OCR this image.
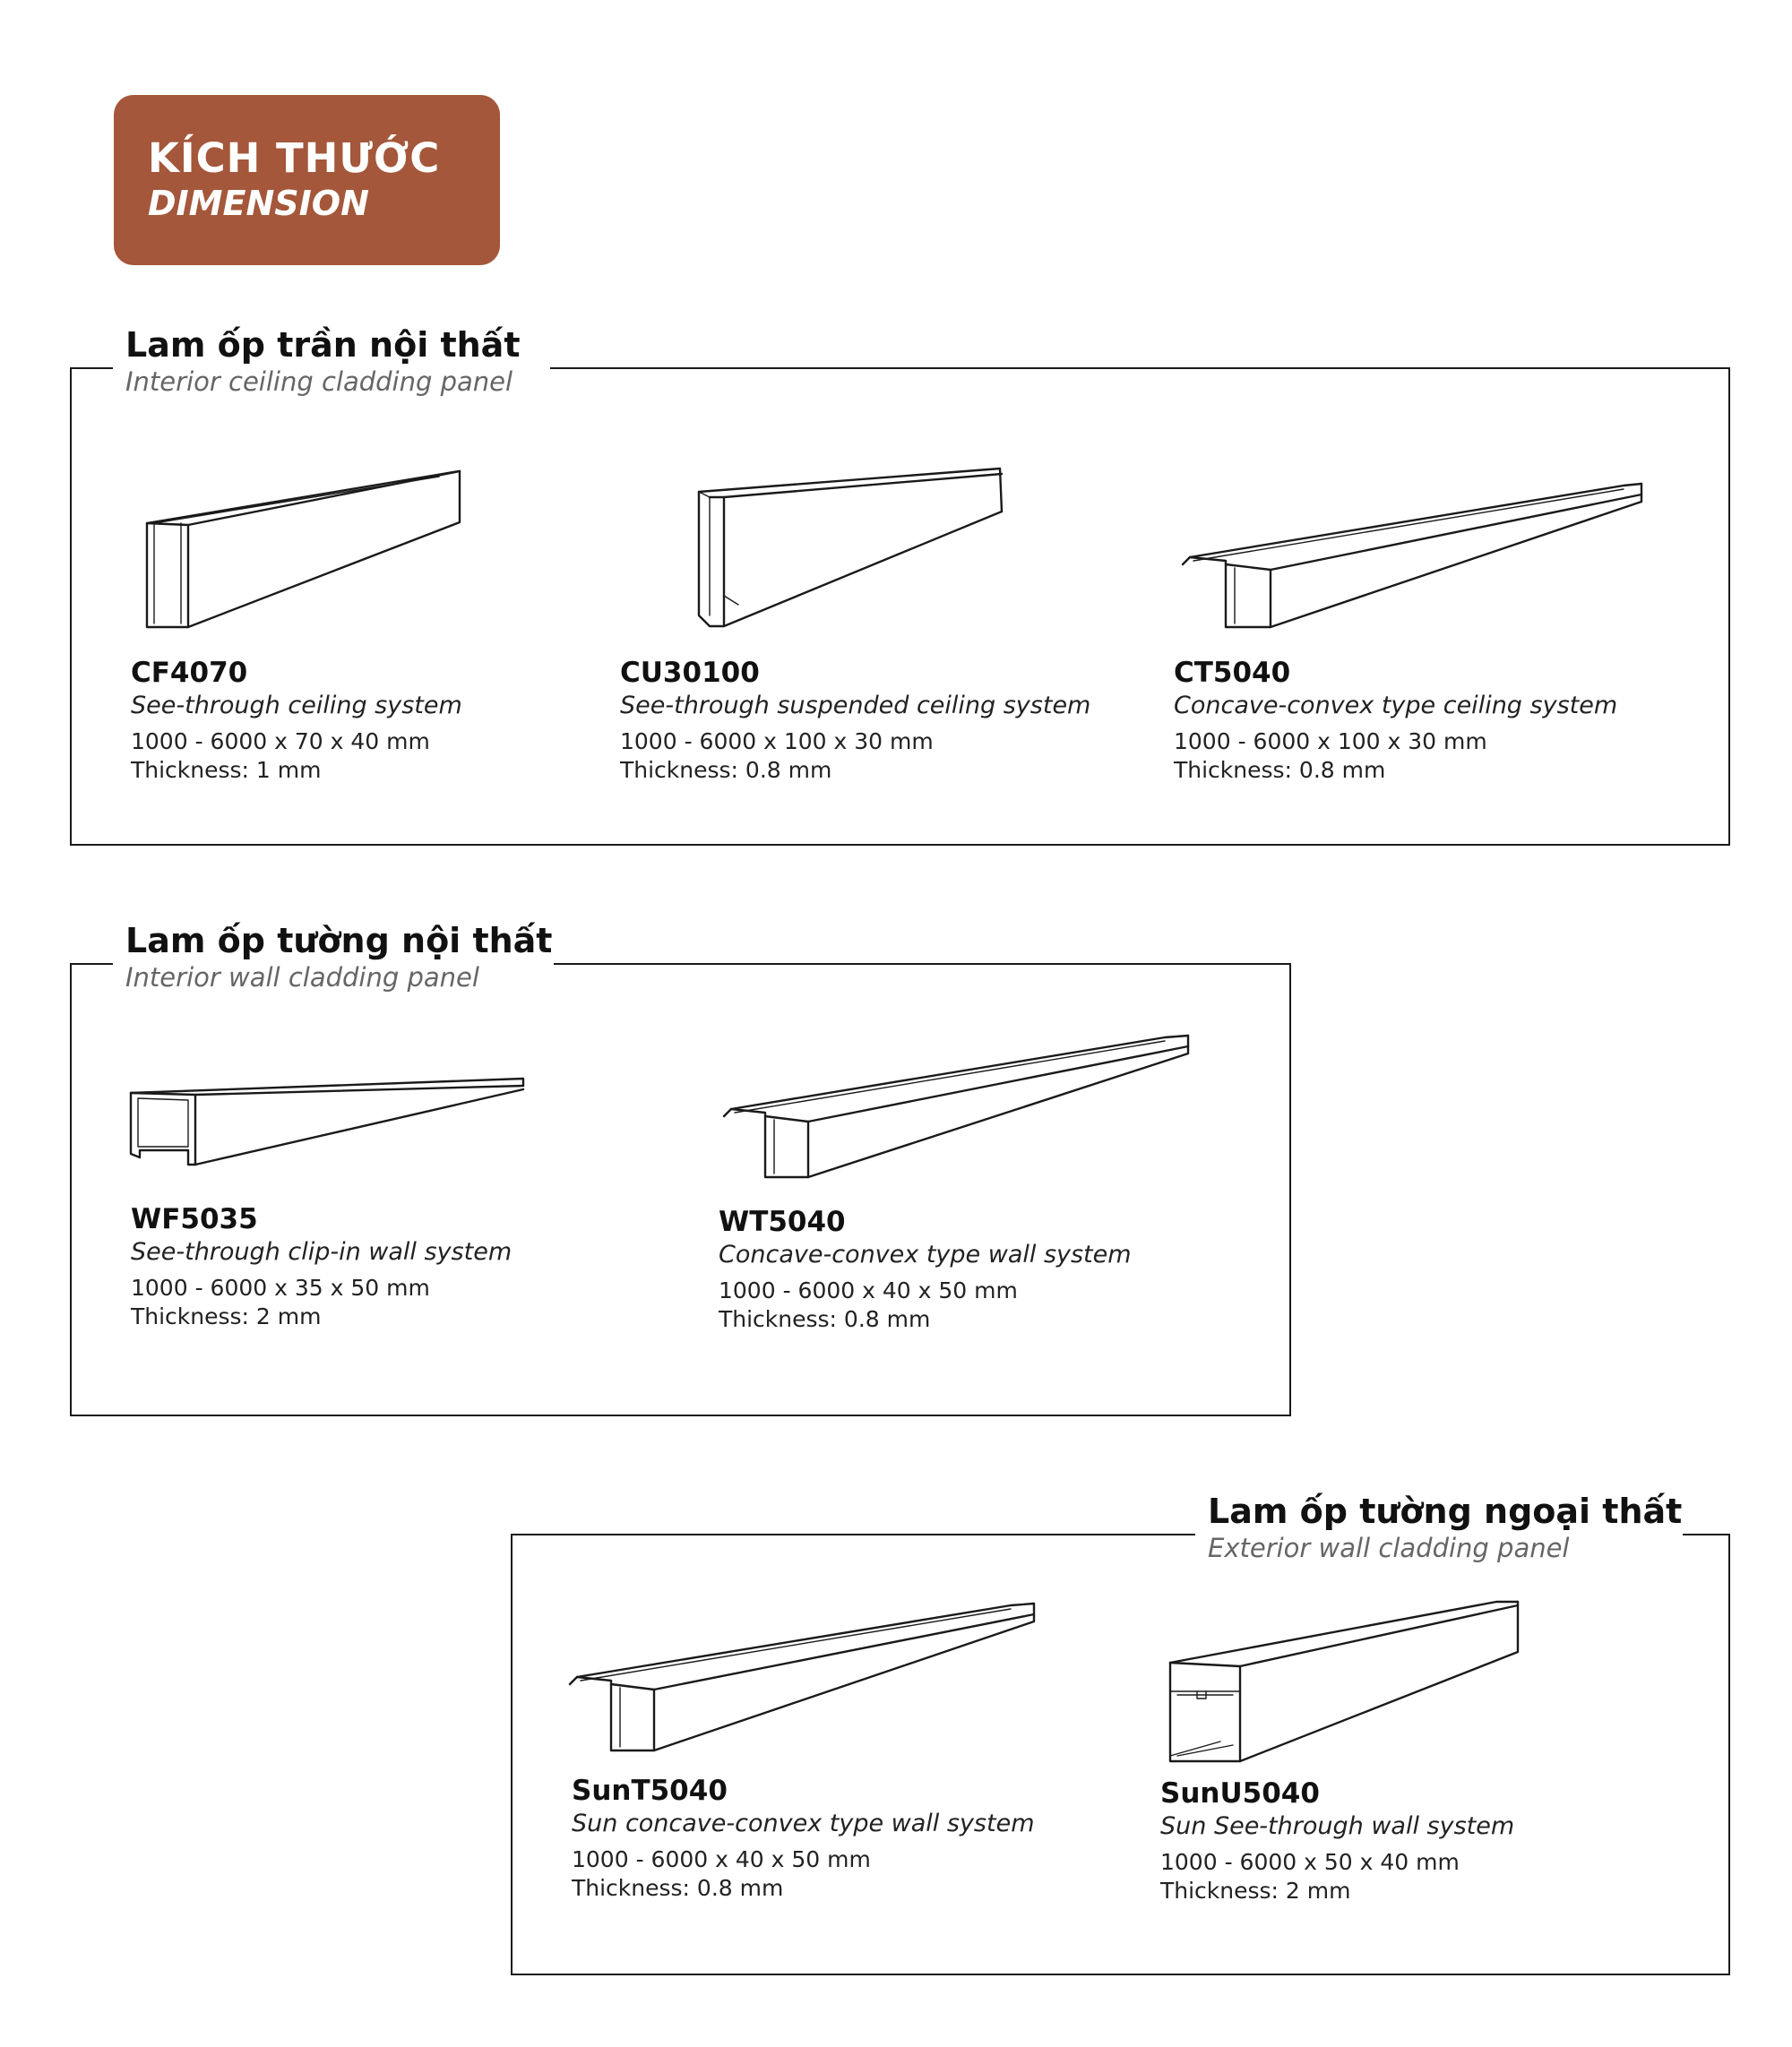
KÍCH THƯỚC
DIMENSION
Lam ốp trần nội thất
Interior ceiling cladding panel
CF4070
See-through ceiling system
1000 - 6000 x 70 x 40 mm
Thickness: 1 mm
CU30100
See-through suspended ceiling system
1000 - 6000 x 100 x 30 mm
Thickness: 0.8 mm
CT5040
Concave-convex type ceiling system
1000 - 6000 x 100 x 30 mm
Thickness: 0.8 mm
Lam ốp tường nội thất
Interior wall cladding panel
WF5035
See-through clip-in wall system
1000 - 6000 x 35 x 50 mm
Thickness: 2 mm
WT5040
Concave-convex type wall system
1000 - 6000 x 40 x 50 mm
Thickness: 0.8 mm
Lam ốp tường ngoại thất
Exterior wall cladding panel
SunT5040
Sun concave-convex type wall system
1000 - 6000 x 40 x 50 mm
Thickness: 0.8 mm
SunU5040
Sun See-through wall system
1000 - 6000 x 50 x 40 mm
Thickness: 2 mm
